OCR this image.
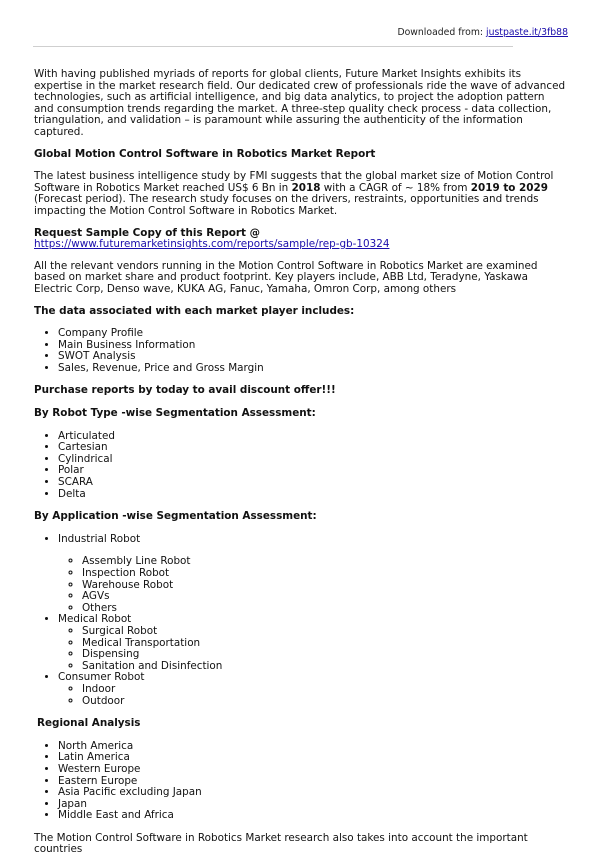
Downloaded from: justpaste.it/3fb88

With having published myriads of reports for global clients, Future Market Insights exhibits its expertise in the market research field. Our dedicated crew of professionals ride the wave of advanced technologies, such as artificial intelligence, and big data analytics, to project the adoption pattern and consumption trends regarding the market. A three-step quality check process - data collection, triangulation, and validation – is paramount while assuring the authenticity of the information captured.

Global Motion Control Software in Robotics Market Report

The latest business intelligence study by FMI suggests that the global market size of Motion Control Software in Robotics Market reached US$ 6 Bn in 2018 with a CAGR of ~ 18% from 2019 to 2029 (Forecast period). The research study focuses on the drivers, restraints, opportunities and trends impacting the Motion Control Software in Robotics Market.

Request Sample Copy of this Report @     https://www.futuremarketinsights.com/reports/sample/rep-gb-10324

All the relevant vendors running in the Motion Control Software in Robotics Market are examined based on market share and product footprint. Key players include, ABB Ltd, Teradyne, Yaskawa Electric Corp, Denso wave, KUKA AG, Fanuc, Yamaha, Omron Corp, among others

The data associated with each market player includes:
• Company Profile
• Main Business Information
• SWOT Analysis
• Sales, Revenue, Price and Gross Margin
Purchase reports by today to avail discount offer!!!
By Robot Type -wise Segmentation Assessment:
• Articulated
• Cartesian
• Cylindrical
• Polar
• SCARA
• Delta
By Application -wise Segmentation Assessment:
• Industrial Robot
◦ Assembly Line Robot
◦ Inspection Robot
◦ Warehouse Robot
◦ AGVs
◦ Others
• Medical Robot
◦ Surgical Robot
◦ Medical Transportation
◦ Dispensing
◦ Sanitation and Disinfection
• Consumer Robot
◦ Indoor
◦ Outdoor
Regional Analysis
• North America
• Latin America
• Western Europe
• Eastern Europe
• Asia Pacific excluding Japan
• Japan
• Middle East and Africa

The Motion Control Software in Robotics Market research also takes into account the important countries
